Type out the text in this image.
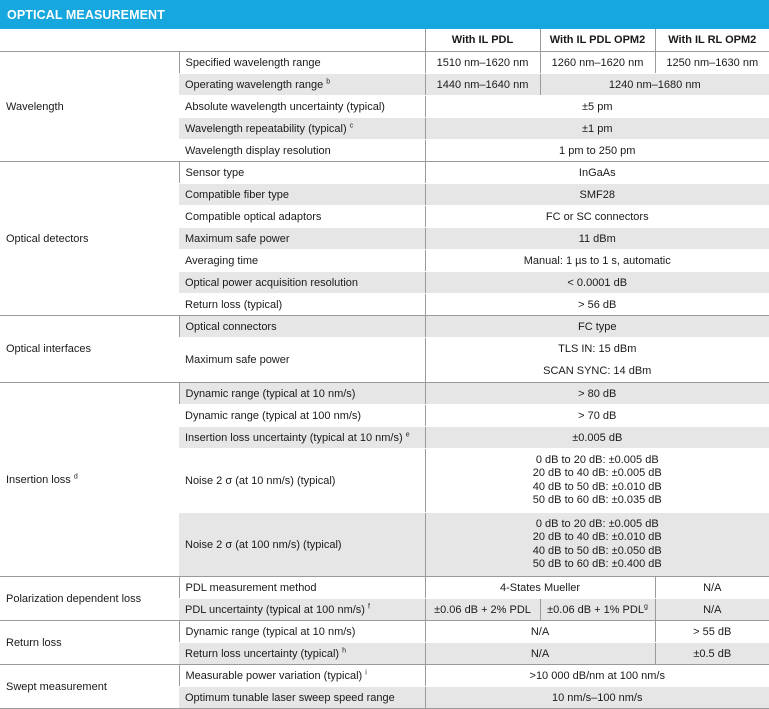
OPTICAL MEASUREMENT
		With IL PDL	With IL PDL OPM2	With IL RL OPM2
Wavelength	Specified wavelength range	1510 nm–1620 nm	1260 nm–1620 nm	1250 nm–1630 nm
	Operating wavelength range $^b$	1440 nm–1640 nm	1240 nm–1680 nm	
	Absolute wavelength uncertainty (typical)	±5 pm		
	Wavelength repeatability (typical) $^c$	±1 pm		
	Wavelength display resolution	1 pm to 250 pm		
Optical detectors	Sensor type	InGaAs		
	Compatible fiber type	SMF28		
	Compatible optical adaptors	FC or SC connectors		
	Maximum safe power	11 dBm		
	Averaging time	Manual: 1 µs to 1 s, automatic		
	Optical power acquisition resolution	< 0.0001 dB		
	Return loss (typical)	> 56 dB		
Optical interfaces	Optical connectors	FC type		
	Maximum safe power	TLS IN: 15 dBm
SCAN SYNC: 14 dBm		

Insertion loss $^d$	Dynamic range (typical at 10 nm/s)	> 80 dB		
	Dynamic range (typical at 100 nm/s)	> 70 dB		
	Insertion loss uncertainty (typical at 10 nm/s) $^e$	±0.005 dB		
	Noise 2 σ (at 10 nm/s) (typical)	0 dB to 20 dB: ±0.005 dB
20 dB to 40 dB: ±0.005 dB
40 dB to 50 dB: ±0.010 dB
50 dB to 60 dB: ±0.035 dB		

	Noise 2 σ (at 100 nm/s) (typical)	0 dB to 20 dB: ±0.005 dB
20 dB to 40 dB: ±0.010 dB
40 dB to 50 dB: ±0.050 dB
50 dB to 60 dB: ±0.400 dB		

Polarization dependent loss	PDL measurement method	4-States Mueller		N/A
	PDL uncertainty (typical at 100 nm/s) $^f$	±0.06 dB + 2% PDL	±0.06 dB + 1% PDL$^g$	N/A
Return loss	Dynamic range (typical at 10 nm/s)	N/A		> 55 dB
	Return loss uncertainty (typical) $^h$	N/A		±0.5 dB
Swept measurement	Measurable power variation (typical) $^i$	>10 000 dB/nm at 100 nm/s		
	Optimum tunable laser sweep speed range	10 nm/s–100 nm/s		
